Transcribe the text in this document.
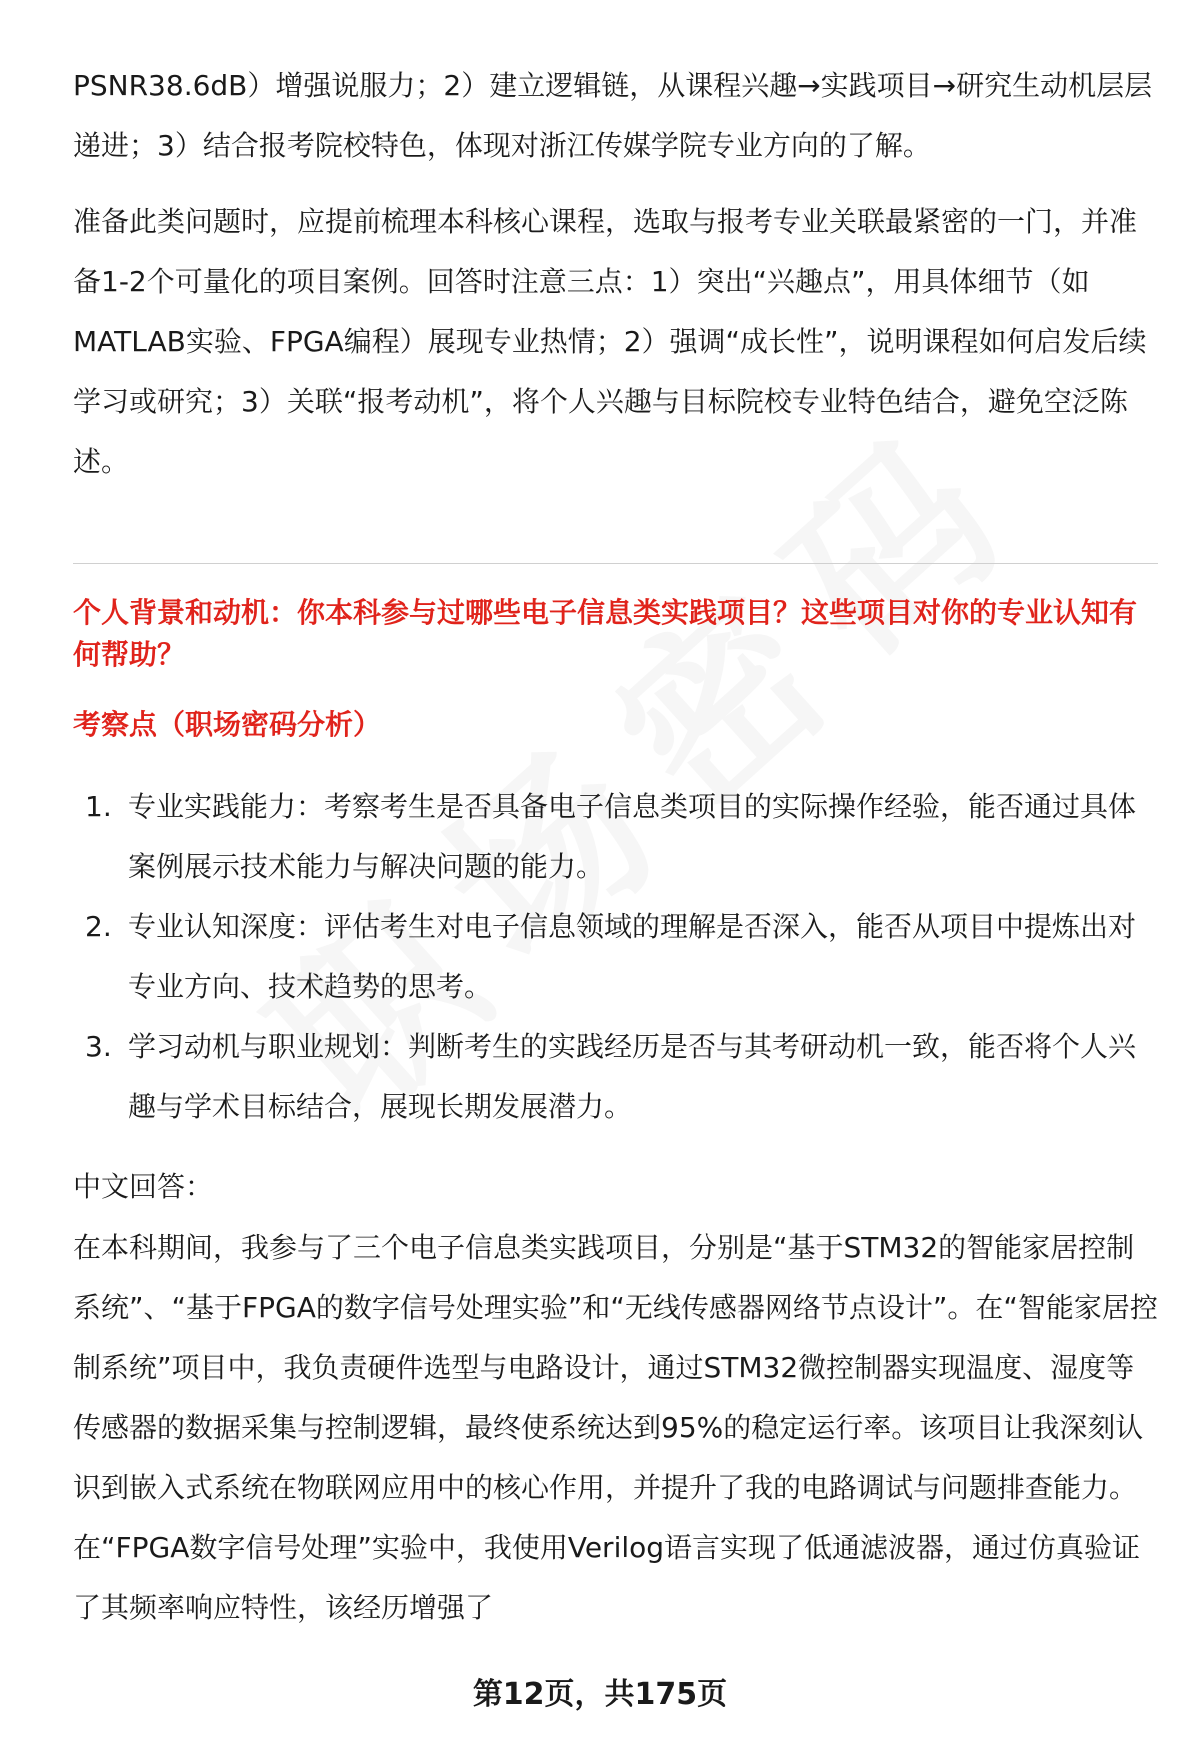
PSNR38.6dB）增强说服力；2）建立逻辑链，从课程兴趣→实践项目→研究生动机层层递进；3）结合报考院校特色，体现对浙江传媒学院专业方向的了解。

准备此类问题时，应提前梳理本科核心课程，选取与报考专业关联最紧密的一门，并准备1-2个可量化的项目案例。回答时注意三点：1）突出“兴趣点”，用具体细节（如MATLAB实验、FPGA编程）展现专业热情；2）强调“成长性”，说明课程如何启发后续学习或研究；3）关联“报考动机”，将个人兴趣与目标院校专业特色结合，避免空泛陈述。

个人背景和动机：你本科参与过哪些电子信息类实践项目？这些项目对你的专业认知有何帮助？

考察点（职场密码分析）

1. 专业实践能力：考察考生是否具备电子信息类项目的实际操作经验，能否通过具体案例展示技术能力与解决问题的能力。
2. 专业认知深度：评估考生对电子信息领域的理解是否深入，能否从项目中提炼出对专业方向、技术趋势的思考。
3. 学习动机与职业规划：判断考生的实践经历是否与其考研动机一致，能否将个人兴趣与学术目标结合，展现长期发展潜力。

中文回答：

在本科期间，我参与了三个电子信息类实践项目，分别是“基于STM32的智能家居控制系统”、“基于FPGA的数字信号处理实验”和“无线传感器网络节点设计”。在“智能家居控制系统”项目中，我负责硬件选型与电路设计，通过STM32微控制器实现温度、湿度等传感器的数据采集与控制逻辑，最终使系统达到95%的稳定运行率。该项目让我深刻认识到嵌入式系统在物联网应用中的核心作用，并提升了我的电路调试与问题排查能力。在“FPGA数字信号处理”实验中，我使用Verilog语言实现了低通滤波器，通过仿真验证了其频率响应特性，该经历增强了

第12页，共175页
